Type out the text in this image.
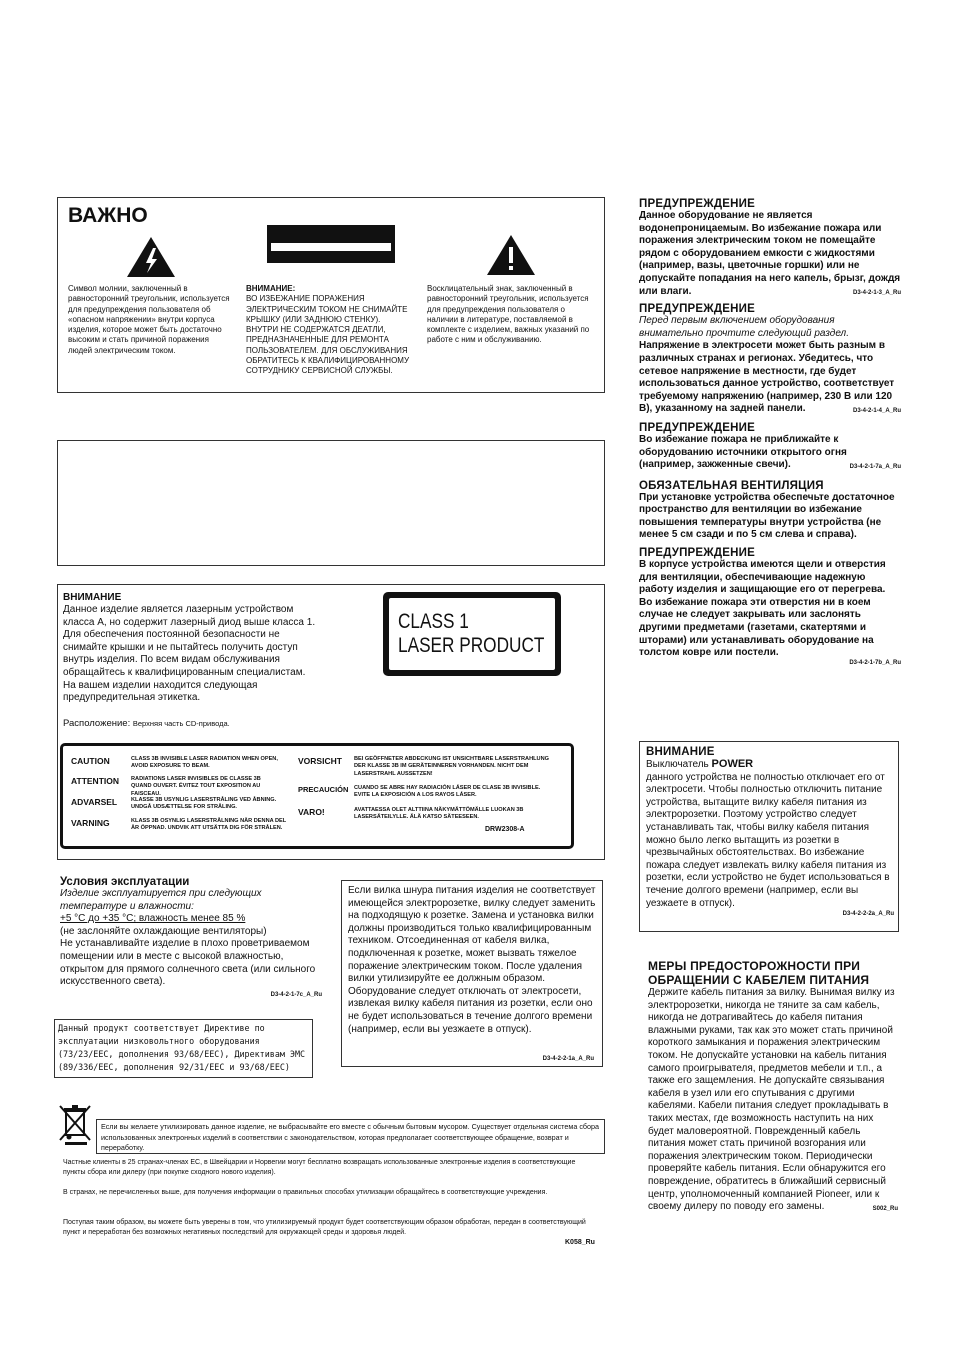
ВАЖНО
Символ молнии, заключенный в равносторонний треугольник, используется для предупреждения пользователя об «опасном напряжении» внутри корпуса изделия, которое может быть достаточно высоким и стать причиной поражения людей электрическим током.
ВНИМАНИЕ:
ВО ИЗБЕЖАНИЕ ПОРАЖЕНИЯ ЭЛЕКТРИЧЕСКИМ ТОКОМ НЕ СНИМАЙТЕ КРЫШКУ (ИЛИ ЗАДНЮЮ СТЕНКУ). ВНУТРИ НЕ СОДЕРЖАТСЯ ДЕАТЛИ, ПРЕДНАЗНАЧЕННЫЕ ДЛЯ РЕМОНТА ПОЛЬЗОВАТЕЛЕМ. ДЛЯ ОБСЛУЖИВАНИЯ ОБРАТИТЕСЬ К КВАЛИФИЦИРОВАННОМУ СОТРУДНИКУ СЕРВИСНОЙ СЛУЖБЫ.
Восклицательный знак, заключенный в равносторонний треугольник, используется для предупреждения пользователя о наличии в литературе, поставляемой в комплекте с изделием, важных указаний по работе с ним и обслуживанию.
ВНИМАНИЕ
Данное изделие является лазерным устройством класса А, но содержит лазерный диод выше класса 1. Для обеспечения постоянной безопасности не снимайте крышки и не пытайтесь получить доступ внутрь изделия. По всем видам обслуживания обращайтесь к квалифицированным специалистам. На вашем изделии находится следующая предупредительная этикетка.
Расположение: Верхняя часть CD-привода.
CLASS 1
LASER PRODUCT
CAUTION	CLASS 3B INVISIBLE LASER RADIATION WHEN OPEN, AVOID EXPOSURE TO BEAM.
ATTENTION	RADIATIONS LASER INVISIBLES DE CLASSE 3B QUAND OUVERT. ÉVITEZ TOUT EXPOSITION AU FAISCEAU.
ADVARSEL	KLASSE 3B USYNLIG LASERSTRÅLING VED ÅBNING. UNDGÅ UDSÆTTELSE FOR STRÅLING.
VARNING	KLASS 3B OSYNLIG LASERSTRÅLNING NÄR DENNA DEL ÄR ÖPPNAD. UNDVIK ATT UTSÄTTA DIG FÖR STRÅLEN.
VORSICHT	BEI GEÖFFNETER ABDECKUNG IST UNSICHTBARE LASERSTRAHLUNG DER KLASSE 3B IM GERÄTEINNEREN VORHANDEN. NICHT DEM LASERSTRAHL AUSSETZEN!
PRECAUCIÓN CUANDO SE ABRE HAY RADIACIÓN LÁSER DE CLASE 3B INVISIBLE. EVITE LA EXPOSICIÓN A LOS RAYOS LÁSER.
VARO!	AVATTAESSA OLET ALTTIINA NÄKYMÄTTÖMÄLLE LUOKAN 3B LASERSÄTEILYLLE. ÄLÄ KATSO SÄTEESEEN.
DRW2308-A
Условия эксплуатации
Изделие эксплуатируется при следующих температуре и влажности:
+5 °C до +35 °C; влажность менее 85 %
(не заслоняйте охлаждающие вентиляторы)
Не устанавливайте изделие в плохо проветриваемом помещении или в месте с высокой влажностью, открытом для прямого солнечного света (или сильного искусственного света).
D3-4-2-1-7c_A_Ru
Данный продукт соответствует Директиве по эксплуатации низковольтного оборудования (73/23/EEC, дополнения 93/68/EEC), Директивам ЭМС (89/336/EEC, дополнения 92/31/EEC и 93/68/EEC)
Если вилка шнура питания изделия не соответствует имеющейся электророзетке, вилку следует заменить на подходящую к розетке. Замена и установка вилки должны производиться только квалифицированным техником. Отсоединенная от кабеля вилка, подключенная к розетке, может вызвать тяжелое поражение электрическим током. После удаления вилки утилизируйте ее должным образом. Оборудование следует отключать от электросети, извлекая вилку кабеля питания из розетки, если оно не будет использоваться в течение долгого времени (например, если вы уезжаете в отпуск).
D3-4-2-2-1a_A_Ru
Если вы желаете утилизировать данное изделие, не выбрасывайте его вместе с обычным бытовым мусором. Существует отдельная система сбора использованных электронных изделий в соответствии с законодательством, которая предполагает соответствующее обращение, возврат и переработку.
Частные клиенты в 25 странах-членах ЕС, в Швейцарии и Норвегии могут бесплатно возвращать использованные электронные изделия в соответствующие пункты сбора или дилеру (при покупке сходного нового изделия).
В странах, не перечисленных выше, для получения информации о правильных способах утилизации обращайтесь в соответствующие учреждения.
Поступая таким образом, вы можете быть уверены в том, что утилизируемый продукт будет соответствующим образом обработан, передан в соответствующий пункт и переработан без возможных негативных последствий для окружающей среды и здоровья людей.
K058_Ru
ПРЕДУПРЕЖДЕНИЕ
Данное оборудование не является водонепроницаемым. Во избежание пожара или поражения электрическим током не помещайте рядом с оборудованием емкости с жидкостями (например, вазы, цветочные горшки) или не допускайте попадания на него капель, брызг, дождя или влаги.	D3-4-2-1-3_A_Ru
ПРЕДУПРЕЖДЕНИЕ
Перед первым включением оборудования внимательно прочтите следующий раздел.
Напряжение в электросети может быть разным в различных странах и регионах. Убедитесь, что сетевое напряжение в местности, где будет использоваться данное устройство, соответствует требуемому напряжению (например, 230 В или 120 В), указанному на задней панели.	D3-4-2-1-4_A_Ru
ПРЕДУПРЕЖДЕНИЕ
Во избежание пожара не приближайте к оборудованию источники открытого огня (например, зажженные свечи).	D3-4-2-1-7a_A_Ru
ОБЯЗАТЕЛЬНАЯ ВЕНТИЛЯЦИЯ
При установке устройства обеспечьте достаточное пространство для вентиляции во избежание повышения температуры внутри устройства (не менее 5 см сзади и по 5 см слева и справа).
ПРЕДУПРЕЖДЕНИЕ
В корпусе устройства имеются щели и отверстия для вентиляции, обеспечивающие надежную работу изделия и защищающие его от перегрева. Во избежание пожара эти отверстия ни в коем случае не следует закрывать или заслонять другими предметами (газетами, скатертями и шторами) или устанавливать оборудование на толстом ковре или постели.
D3-4-2-1-7b_A_Ru
ВНИМАНИЕ
Выключатель POWER
данного устройства не полностью отключает его от электросети. Чтобы полностью отключить питание устройства, вытащите вилку кабеля питания из электророзетки. Поэтому устройство следует устанавливать так, чтобы вилку кабеля питания можно было легко вытащить из розетки в чрезвычайных обстоятельствах. Во избежание пожара следует извлекать вилку кабеля питания из розетки, если устройство не будет использоваться в течение долгого времени (например, если вы уезжаете в отпуск).
D3-4-2-2-2a_A_Ru
МЕРЫ ПРЕДОСТОРОЖНОСТИ ПРИ ОБРАЩЕНИИ С КАБЕЛЕМ ПИТАНИЯ
Держите кабель питания за вилку. Вынимая вилку из электророзетки, никогда не тяните за сам кабель, никогда не дотрагивайтесь до кабеля питания влажными руками, так как это может стать причиной короткого замыкания и поражения электрическим током. Не допускайте установки на кабель питания самого проигрывателя, предметов мебели и т.п., а также его защемления. Не допускайте связывания кабеля в узел или его спутывания с другими кабелями. Кабели питания следует прокладывать в таких местах, где возможность наступить на них будет маловероятной. Поврежденный кабель питания может стать причиной возгорания или поражения электрическим током. Периодически проверяйте кабель питания. Если обнаружится его повреждение, обратитесь в ближайший сервисный центр, уполномоченный компанией Pioneer, или к своему дилеру по поводу его замены.	S002_Ru
